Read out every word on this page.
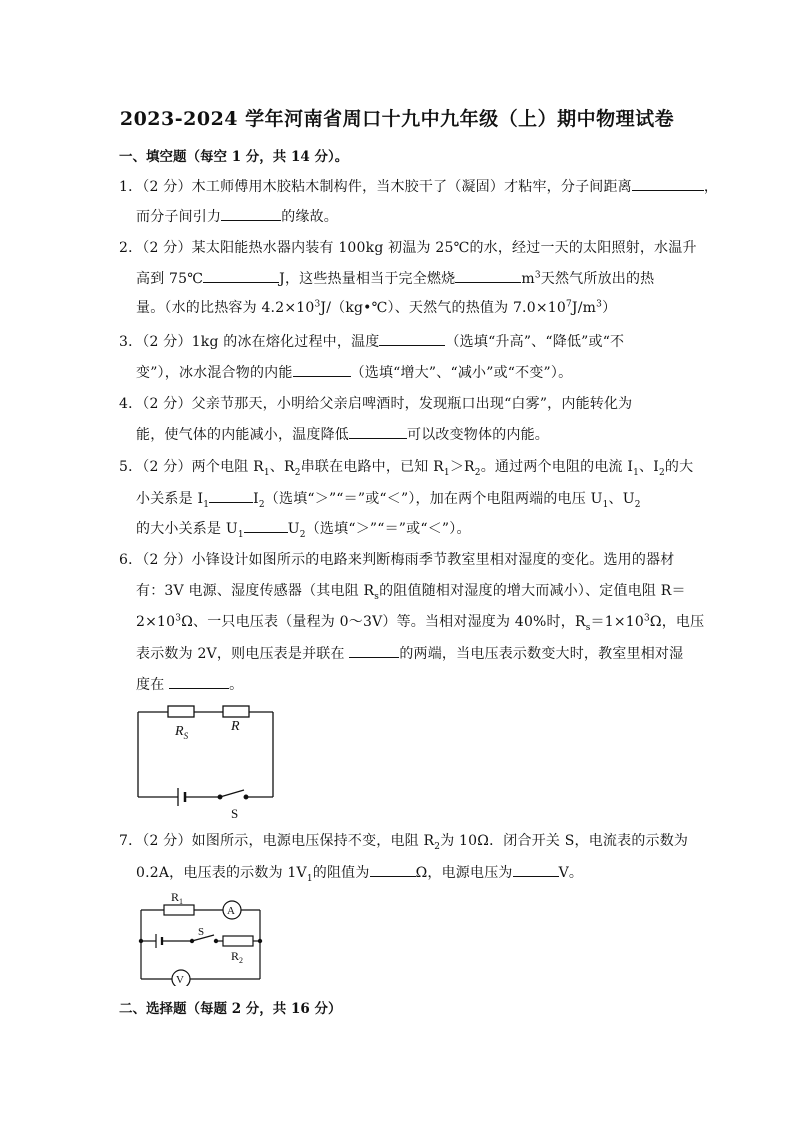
2023-2024 学年河南省周口十九中九年级（上）期中物理试卷
一、填空题（每空 1 分，共 14 分）。
1．（2 分）木工师傅用木胶粘木制构件，当木胶干了（凝固）才粘牢，分子间距离	，
而分子间引力	的缘故。
2．（2 分）某太阳能热水器内装有 100kg 初温为 25℃的水，经过一天的太阳照射，水温升
高到 75℃	J，这些热量相当于完全燃烧	$m^3$天然气所放出的热
量。（水的比热容为 $4.2\times 10^3J/(kg•℃)$、天然气的热值为 $7.0\times 10^7J/m^3$）
3．（2 分）1kg 的冰在熔化过程中，温度	（选填“升高”、“降低”或“不
变”），冰水混合物的内能	（选填“增大”、“减小”或“不变”）。
4．（2 分）父亲节那天，小明给父亲启啤酒时，发现瓶口出现“白雾”，内能转化为
能，使气体的内能减小，温度降低	可以改变物体的内能。
5．（2 分）两个电阻 $R_1$、$R_2$串联在电路中，已知 $R_1>R_2$。通过两个电阻的电流 $I_1$、$I_2$的大
小关系是 $I_1$	$I_2$（选填“＞”“＝”或“＜”），加在两个电阻两端的电压 $U_1$、$U_2$
的大小关系是 $U_1$	$U_2$（选填“＞”“＝”或“＜”）。
6．（2 分）小锋设计如图所示的电路来判断梅雨季节教室里相对湿度的变化。选用的器材
有：3V 电源、湿度传感器（其电阻 $R_s$的阻值随相对湿度的增大而减小）、定值电阻 R＝
$2\times 10^3\Omega$、一只电压表（量程为 0～3V）等。当相对湿度为 40%时，$R_s=1\times 10^3\Omega$，电压
表示数为 2V，则电压表是并联在	的两端，当电压表示数变大时，教室里相对湿
度在	。
$R_S$
R
S
7．（2 分）如图所示，电源电压保持不变，电阻 $R_2$为 10Ω．闭合开关 S，电流表的示数为
0.2A，电压表的示数为 $1V_1$的阻值为	Ω，电源电压为	V。
$R_1$
A
S
$R_2$
V
二、选择题（每题 2 分，共 16 分）
